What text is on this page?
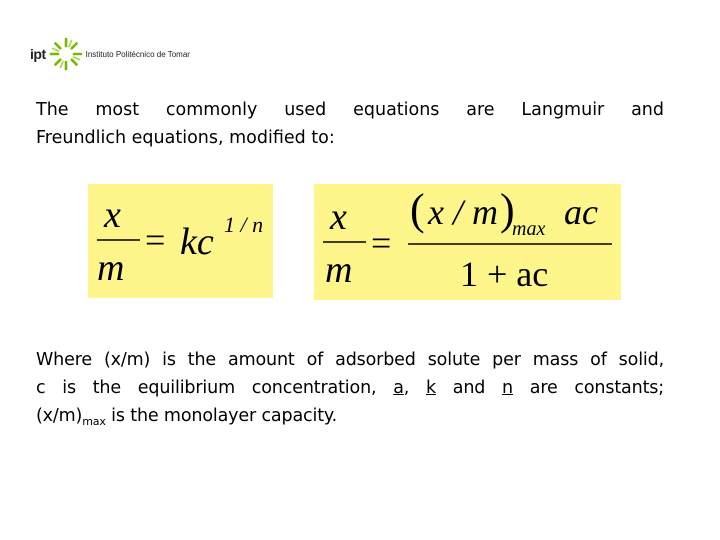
ipt	Instituto Politécnico de Tomar
The most commonly used equations are Langmuir and
Freundlich equations, modified to:
x
m
= kc 1 / n x
m
=
( x / m )
max ac
1 + ac
Where (x/m) is the amount of adsorbed solute per mass of solid,
c is the equilibrium concentration, a, k and n are constants;
$(x/m)_{max}$ is the monolayer capacity.
